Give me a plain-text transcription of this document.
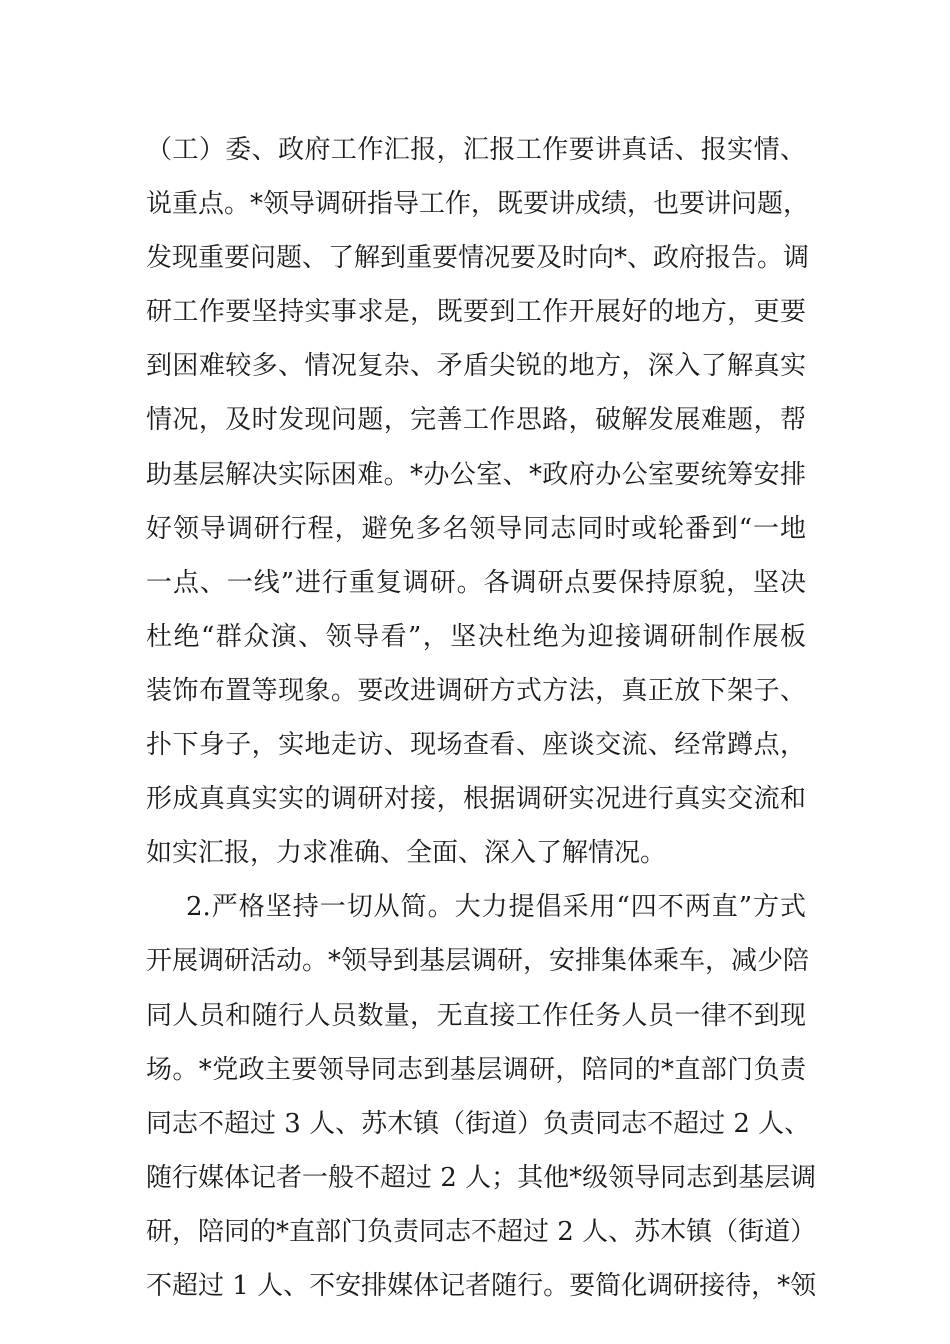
（工）委、政府工作汇报，汇报工作要讲真话、报实情、
说重点。*领导调研指导工作，既要讲成绩，也要讲问题，
发现重要问题、了解到重要情况要及时向*、政府报告。调
研工作要坚持实事求是，既要到工作开展好的地方，更要
到困难较多、情况复杂、矛盾尖锐的地方，深入了解真实
情况，及时发现问题，完善工作思路，破解发展难题，帮
助基层解决实际困难。*办公室、*政府办公室要统筹安排
好领导调研行程，避免多名领导同志同时或轮番到“一地
一点、一线”进行重复调研。各调研点要保持原貌，坚决
杜绝“群众演、领导看”，坚决杜绝为迎接调研制作展板
装饰布置等现象。要改进调研方式方法，真正放下架子、
扑下身子，实地走访、现场查看、座谈交流、经常蹲点，
形成真真实实的调研对接，根据调研实况进行真实交流和
如实汇报，力求准确、全面、深入了解情况。
2.严格坚持一切从简。大力提倡采用“四不两直”方式
开展调研活动。*领导到基层调研，安排集体乘车，减少陪
同人员和随行人员数量，无直接工作任务人员一律不到现
场。*党政主要领导同志到基层调研，陪同的*直部门负责
同志不超过 3 人、苏木镇（街道）负责同志不超过 2 人、
随行媒体记者一般不超过 2 人；其他*级领导同志到基层调
研，陪同的*直部门负责同志不超过 2 人、苏木镇（街道）
不超过 1 人、不安排媒体记者随行。要简化调研接待，*领
